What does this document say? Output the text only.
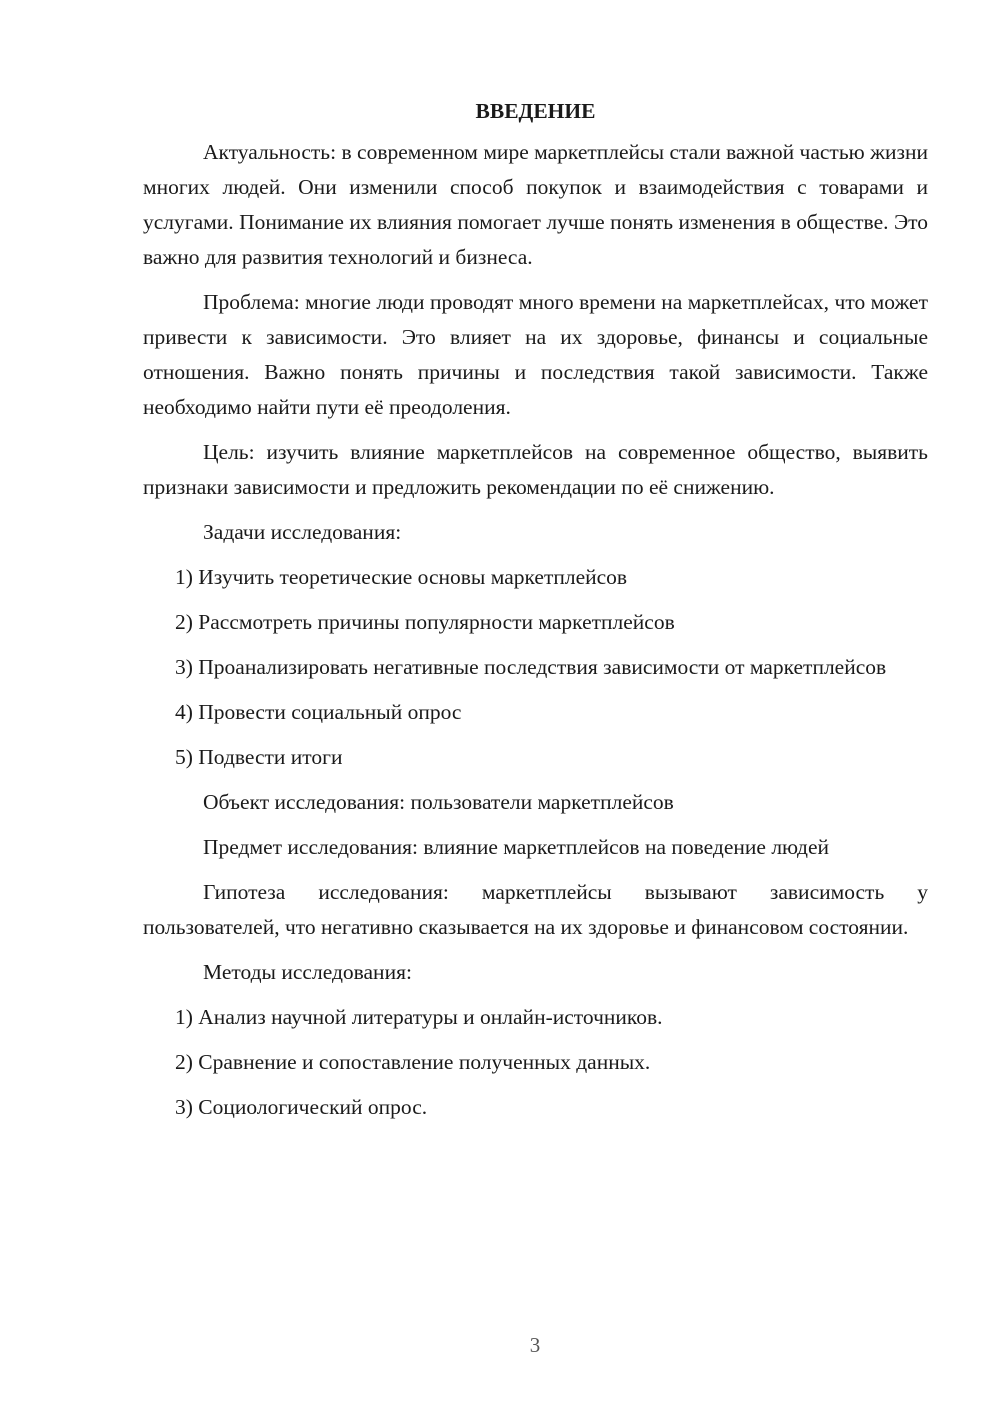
ВВЕДЕНИЕ

Актуальность: в современном мире маркетплейсы стали важной частью жизни многих людей. Они изменили способ покупок и взаимодействия с товарами и услугами. Понимание их влияния помогает лучше понять изменения в обществе. Это важно для развития технологий и бизнеса.

Проблема: многие люди проводят много времени на маркетплейсах, что может привести к зависимости. Это влияет на их здоровье, финансы и социальные отношения. Важно понять причины и последствия такой зависимости. Также необходимо найти пути её преодоления.

Цель: изучить влияние маркетплейсов на современное общество, выявить признаки зависимости и предложить рекомендации по её снижению.

Задачи исследования:

1) Изучить теоретические основы маркетплейсов

2) Рассмотреть причины популярности маркетплейсов

3) Проанализировать негативные последствия зависимости от маркетплейсов

4) Провести социальный опрос

5) Подвести итоги

Объект исследования: пользователи маркетплейсов

Предмет исследования: влияние маркетплейсов на поведение людей

Гипотеза исследования: маркетплейсы вызывают зависимость у пользователей, что негативно сказывается на их здоровье и финансовом состоянии.

Методы исследования:

1) Анализ научной литературы и онлайн-источников.

2) Сравнение и сопоставление полученных данных.

3) Социологический опрос.

3
